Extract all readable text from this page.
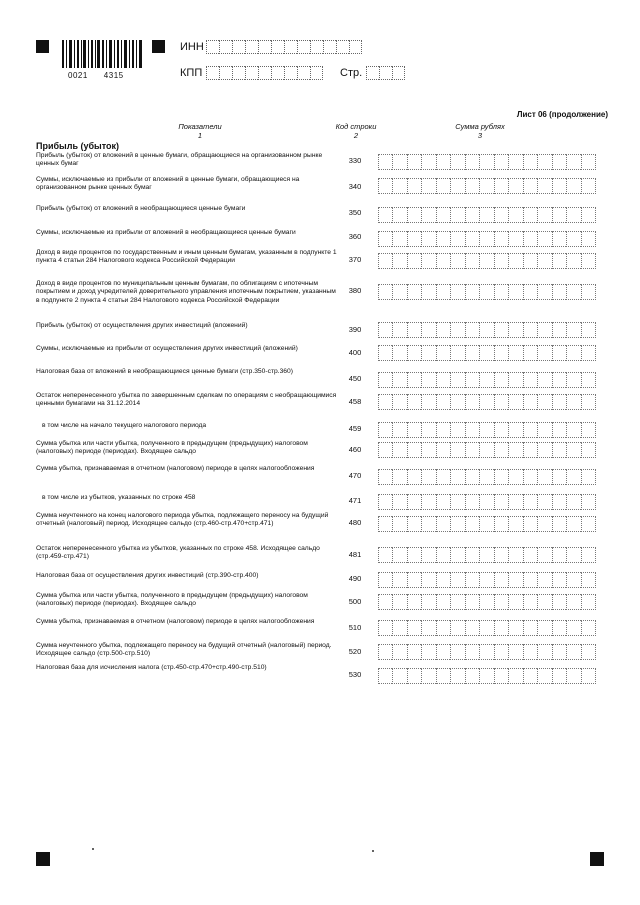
0021 4315
ИНН
КПП	Стр.
Лист 06 (продолжение)
Показатели
1
Код строки
2
Сумма рублях
3
Прибыль (убыток)
Прибыль (убыток) от вложений в ценные бумаги, обращающиеся на организованном рынке ценных бумаг	330
Суммы, исключаемые из прибыли от вложений в ценные бумаги, обращающиеся на организованном рынке ценных бумаг	340
Прибыль (убыток) от вложений в необращающиеся ценные бумаги	350
Суммы, исключаемые из прибыли от вложений в необращающиеся ценные бумаги	360
Доход в виде процентов по государственным и иным ценным бумагам, указанным в подпункте 1 пункта 4 статьи 284 Налогового кодекса Российской Федерации	370
Доход в виде процентов по муниципальным ценным бумагам, по облигациям с ипотечным покрытием и доход учредителей доверительного управления ипотечным покрытием, указанным в подпункте 2 пункта 4 статьи 284 Налогового кодекса Российской Федерации
380
Прибыль (убыток) от осуществления других инвестиций (вложений)	390
Суммы, исключаемые из прибыли от осуществления других инвестиций (вложений)	400
Налоговая база от вложений в необращающиеся ценные бумаги (стр.350-стр.360)
450
Остаток неперенесенного убытка по завершенным сделкам по операциям с необращающимися ценными бумагами на 31.12.2014	458
в том числе на начало текущего налогового периода	459
Сумма убытка или части убытка, полученного в предыдущем (предыдущих) налоговом (налоговых) периоде (периодах). Входящее сальдо	460
Сумма убытка, признаваемая в отчетном (налоговом) периоде в целях налогообложения
470
в том числе из убытков, указанных по строке 458	471
Сумма неучтенного на конец налогового периода убытка, подлежащего переносу на будущий отчетный (налоговый) период. Исходящее сальдо (стр.460-стр.470+стр.471)	480
Остаток неперенесенного убытка из убытков, указанных по строке 458. Исходящее сальдо (стр.459-стр.471)	481
Налоговая база от осуществления других инвестиций (стр.390-стр.400)	490
Сумма убытка или части убытка, полученного в предыдущем (предыдущих) налоговом (налоговых) периоде (периодах). Входящее сальдо	500
Сумма убытка, признаваемая в отчетном (налоговом) периоде в целях налогообложения
510
Сумма неучтенного убытка, подлежащего переносу на будущий отчетный (налоговый) период. Исходящее сальдо (стр.500-стр.510)	520
Налоговая база для исчисления налога (стр.450-стр.470+стр.490-стр.510)
530
